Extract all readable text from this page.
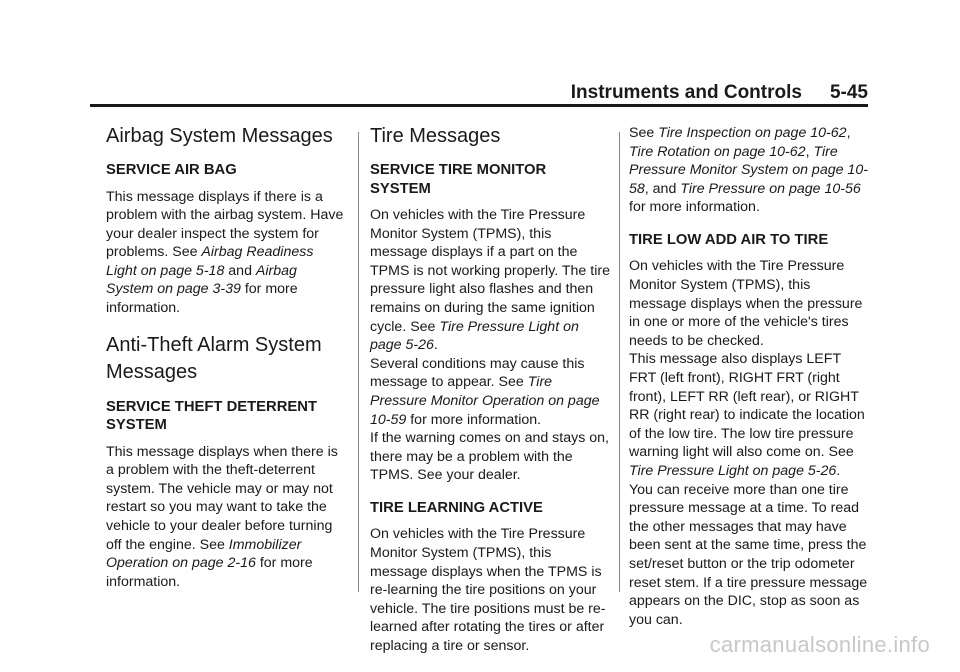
Instruments and Controls 5-45
Airbag System Messages
SERVICE AIR BAG

This message displays if there is a problem with the airbag system. Have your dealer inspect the system for problems. See Airbag Readiness Light on page 5-18 and Airbag System on page 3-39 for more information.

Anti-Theft Alarm System Messages
SERVICE THEFT DETERRENT SYSTEM

This message displays when there is a problem with the theft-deterrent system. The vehicle may or may not restart so you may want to take the vehicle to your dealer before turning off the engine. See Immobilizer Operation on page 2-16 for more information.

Tire Messages
SERVICE TIRE MONITOR SYSTEM

On vehicles with the Tire Pressure Monitor System (TPMS), this message displays if a part on the TPMS is not working properly. The tire pressure light also flashes and then remains on during the same ignition cycle. See Tire Pressure Light on page 5-26.

Several conditions may cause this message to appear. See Tire Pressure Monitor Operation on page 10-59 for more information.

If the warning comes on and stays on, there may be a problem with the TPMS. See your dealer.

TIRE LEARNING ACTIVE

On vehicles with the Tire Pressure Monitor System (TPMS), this message displays when the TPMS is re-learning the tire positions on your vehicle. The tire positions must be re-learned after rotating the tires or after replacing a tire or sensor.

See Tire Inspection on page 10-62, Tire Rotation on page 10-62, Tire Pressure Monitor System on page 10-58, and Tire Pressure on page 10-56 for more information.

TIRE LOW ADD AIR TO TIRE

On vehicles with the Tire Pressure Monitor System (TPMS), this message displays when the pressure in one or more of the vehicle's tires needs to be checked.

This message also displays LEFT FRT (left front), RIGHT FRT (right front), LEFT RR (left rear), or RIGHT RR (right rear) to indicate the location of the low tire. The low tire pressure warning light will also come on. See Tire Pressure Light on page 5-26.

You can receive more than one tire pressure message at a time. To read the other messages that may have been sent at the same time, press the set/reset button or the trip odometer reset stem. If a tire pressure message appears on the DIC, stop as soon as you can.

carmanualsonline.info
